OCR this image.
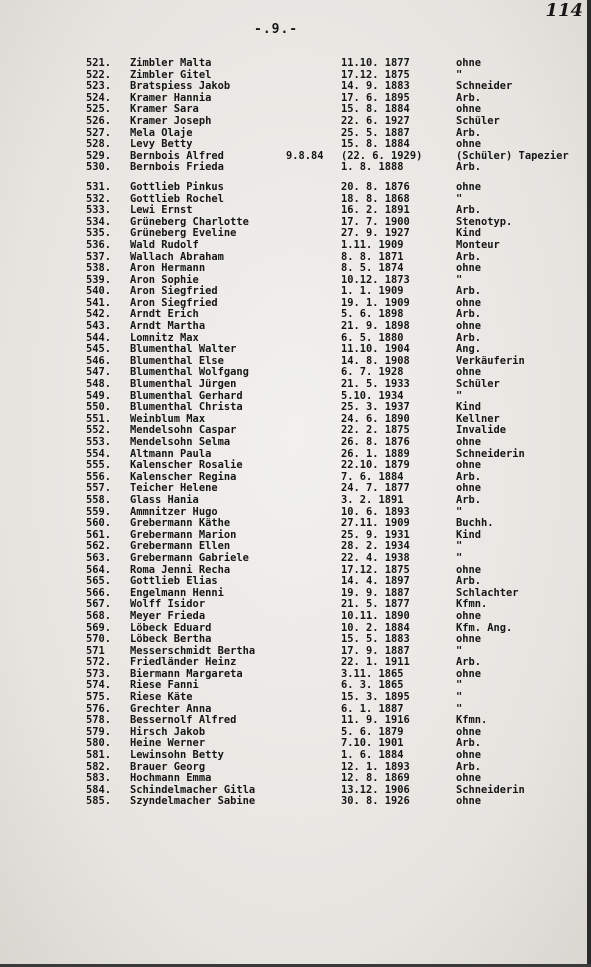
-.9.-
114
521. Zimbler Malta	11.10. 1877	ohne
522. Zimbler Gitel	17.12. 1875	"
523. Bratspiess Jakob	14. 9. 1883	Schneider
524. Kramer Hannia	17. 6. 1895	Arb.
525. Kramer Sara	15. 8. 1884	ohne
526. Kramer Joseph	22. 6. 1927	Schüler
527. Mela Olaje	25. 5. 1887	Arb.
528. Levy Betty	15. 8. 1884	ohne
529. Bernbois Alfred	9.8.84 (22. 6. 1929)	(Schüler) Tapezier
530. Bernbois Frieda	1. 8. 1888	Arb.
531. Gottlieb Pinkus	20. 8. 1876	ohne
532. Gottlieb Rochel	18. 8. 1868	"
533. Lewi Ernst	16. 2. 1891	Arb.
534. Grüneberg Charlotte	17. 7. 1900	Stenotyp.
535. Grüneberg Eveline	27. 9. 1927	Kind
536. Wald Rudolf	1.11. 1909	Monteur
537. Wallach Abraham	8. 8. 1871	Arb.
538. Aron Hermann	8. 5. 1874	ohne
539. Aron Sophie	10.12. 1873	"
540. Aron Siegfried	1. 1. 1909	Arb.
541. Aron Siegfried	19. 1. 1909	ohne
542. Arndt Erich	5. 6. 1898	Arb.
543. Arndt Martha	21. 9. 1898	ohne
544. Lomnitz Max	6. 5. 1880	Arb.
545. Blumenthal Walter	11.10. 1904	Ang.
546. Blumenthal Else	14. 8. 1908	Verkäuferin
547. Blumenthal Wolfgang	6. 7. 1928	ohne
548. Blumenthal Jürgen	21. 5. 1933	Schüler
549. Blumenthal Gerhard	5.10. 1934	"
550. Blumenthal Christa	25. 3. 1937	Kind
551. Weinblum Max	24. 6. 1890	Kellner
552. Mendelsohn Caspar	22. 2. 1875	Invalide
553. Mendelsohn Selma	26. 8. 1876	ohne
554. Altmann Paula	26. 1. 1889	Schneiderin
555. Kalenscher Rosalie	22.10. 1879	ohne
556. Kalenscher Regina	7. 6. 1884	Arb.
557. Teicher Helene	24. 7. 1877	ohne
558. Glass Hania	3. 2. 1891	Arb.
559. Ammnitzer Hugo	10. 6. 1893	"
560. Grebermann Käthe	27.11. 1909	Buchh.
561. Grebermann Marion	25. 9. 1931	Kind
562. Grebermann Ellen	28. 2. 1934	"
563. Grebermann Gabriele	22. 4. 1938	"
564. Roma Jenni Recha	17.12. 1875	ohne
565. Gottlieb Elias	14. 4. 1897	Arb.
566. Engelmann Henni	19. 9. 1887	Schlachter
567. Wolff Isidor	21. 5. 1877	Kfmn.
568. Meyer Frieda	10.11. 1890	ohne
569. Löbeck Eduard	10. 2. 1884	Kfm. Ang.
570. Löbeck Bertha	15. 5. 1883	ohne
571 Messerschmidt Bertha	17. 9. 1887	"
572. Friedländer Heinz	22. 1. 1911	Arb.
573. Biermann Margareta	3.11. 1865	ohne
574. Riese Fanni	6. 3. 1865	"
575. Riese Käte	15. 3. 1895	"
576. Grechter Anna	6. 1. 1887	"
578. Bessernolf Alfred	11. 9. 1916	Kfmn.
579. Hirsch Jakob	5. 6. 1879	ohne
580. Heine Werner	7.10. 1901	Arb.
581. Lewinsohn Betty	1. 6. 1884	ohne
582. Brauer Georg	12. 1. 1893	Arb.
583. Hochmann Emma	12. 8. 1869	ohne
584. Schindelmacher Gitla	13.12. 1906	Schneiderin
585. Szyndelmacher Sabine	30. 8. 1926	ohne
